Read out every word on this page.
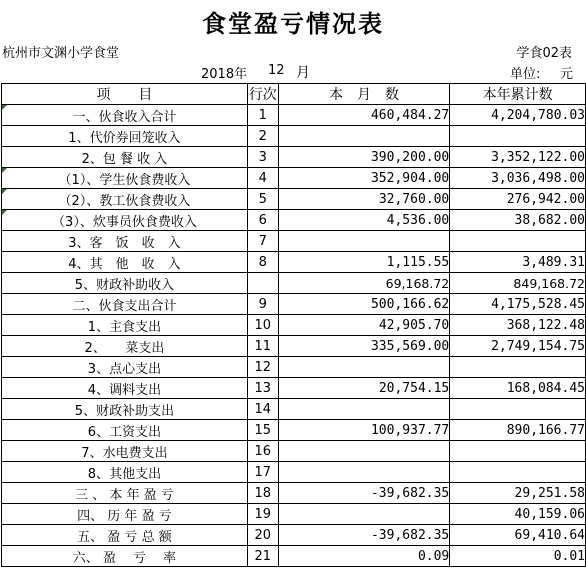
食堂盈亏情况表
杭州市文渊小学食堂	学食02表
2018年 12 月	单位: 元
项　　目	行次	本　月　数	本年累计数
一、伙食收入合计	1	460,484.27	4,204,780.03
1、代价券回笼收入	2		
2、包 餐 收 入	3	390,200.00	3,352,122.00
（1）、学生伙食费收入	4	352,904.00	3,036,498.00
（2）、教工伙食费收入	5	32,760.00	276,942.00
（3）、炊事员伙食费收入	6	4,536.00	38,682.00
3、客　饭　收　入	7		
4、其　他　收　入	8	1,115.55	3,489.31
5、财政补助收入		69,168.72	849,168.72
二、伙食支出合计	9	500,166.62	4,175,528.45
1、主食支出	10	42,905.70	368,122.48
2、　　菜支出	11	335,569.00	2,749,154.75
3、点心支出	12		
4、调料支出	13	20,754.15	168,084.45
5、财政补助支出	14		
6、工资支出	15	100,937.77	890,166.77
7、水电费支出	16		
8、其他支出	17		
三 、 本 年 盈 亏	18	-39,682.35	29,251.58
四、 历 年 盈 亏	19		40,159.06
五、 盈 亏 总 额	20	-39,682.35	69,410.64
六、 盈　 亏　 率	21	0.09	0.01
